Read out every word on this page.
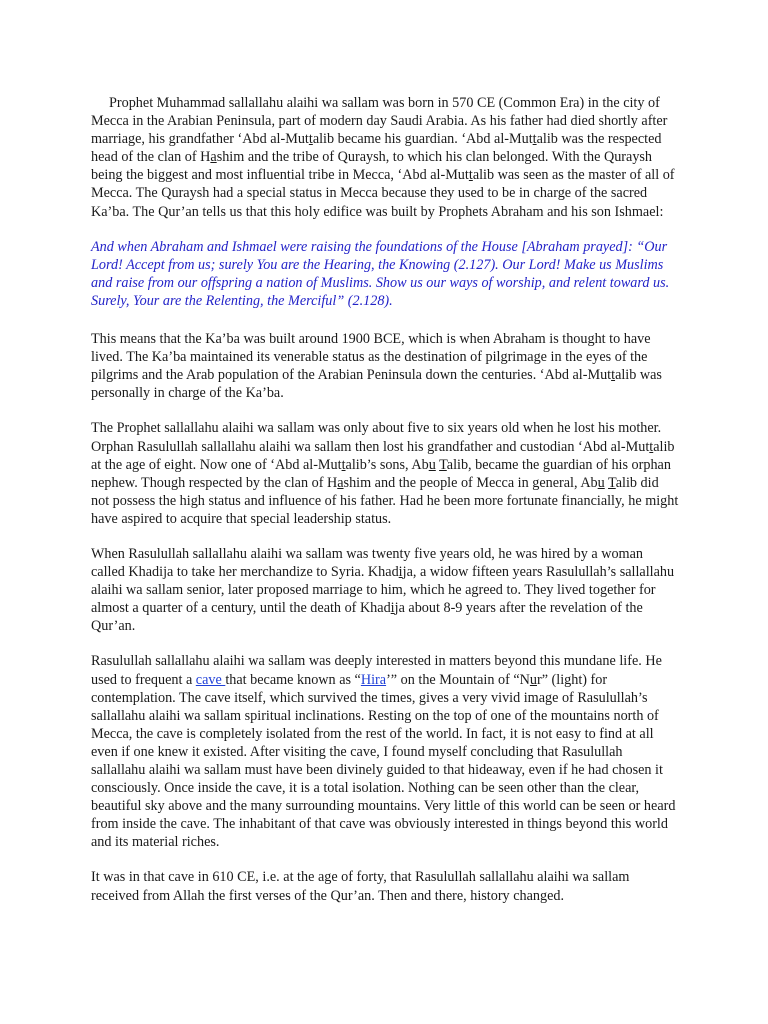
Prophet Muhammad sallallahu alaihi wa sallam was born in 570 CE (Common Era) in the city of Mecca in the Arabian Peninsula, part of modern day Saudi Arabia. As his father had died shortly after marriage, his grandfather ‘Abd al-Muttalib became his guardian. ‘Abd al-Muttalib was the respected head of the clan of Hashim and the tribe of Quraysh, to which his clan belonged. With the Quraysh being the biggest and most influential tribe in Mecca, ‘Abd al-Muttalib was seen as the master of all of Mecca. The Quraysh had a special status in Mecca because they used to be in charge of the sacred Ka’ba. The Qur’an tells us that this holy edifice was built by Prophets Abraham and his son Ishmael:

And when Abraham and Ishmael were raising the foundations of the House [Abraham prayed]: “Our Lord! Accept from us; surely You are the Hearing, the Knowing (2.127). Our Lord! Make us Muslims and raise from our offspring a nation of Muslims. Show us our ways of worship, and relent toward us. Surely, Your are the Relenting, the Merciful” (2.128).

This means that the Ka’ba was built around 1900 BCE, which is when Abraham is thought to have lived. The Ka’ba maintained its venerable status as the destination of pilgrimage in the eyes of the pilgrims and the Arab population of the Arabian Peninsula down the centuries. ‘Abd al-Muttalib was personally in charge of the Ka’ba.

The Prophet sallallahu alaihi wa sallam was only about five to six years old when he lost his mother. Orphan Rasulullah sallallahu alaihi wa sallam then lost his grandfather and custodian ‘Abd al-Muttalib at the age of eight. Now one of ‘Abd al-Muttalib’s sons, Abu Talib, became the guardian of his orphan nephew. Though respected by the clan of Hashim and the people of Mecca in general, Abu Talib did not possess the high status and influence of his father. Had he been more fortunate financially, he might have aspired to acquire that special leadership status.

When Rasulullah sallallahu alaihi wa sallam was twenty five years old, he was hired by a woman called Khadija to take her merchandize to Syria. Khadija, a widow fifteen years Rasulullah’s sallallahu alaihi wa sallam senior, later proposed marriage to him, which he agreed to. They lived together for almost a quarter of a century, until the death of Khadija about 8-9 years after the revelation of the Qur’an.

Rasulullah sallallahu alaihi wa sallam was deeply interested in matters beyond this mundane life. He used to frequent a cave that became known as “Hira’” on the Mountain of “Nur” (light) for contemplation. The cave itself, which survived the times, gives a very vivid image of Rasulullah’s sallallahu alaihi wa sallam spiritual inclinations. Resting on the top of one of the mountains north of Mecca, the cave is completely isolated from the rest of the world. In fact, it is not easy to find at all even if one knew it existed. After visiting the cave, I found myself concluding that Rasulullah sallallahu alaihi wa sallam must have been divinely guided to that hideaway, even if he had chosen it consciously. Once inside the cave, it is a total isolation. Nothing can be seen other than the clear, beautiful sky above and the many surrounding mountains. Very little of this world can be seen or heard from inside the cave. The inhabitant of that cave was obviously interested in things beyond this world and its material riches.

It was in that cave in 610 CE, i.e. at the age of forty, that Rasulullah sallallahu alaihi wa sallam received from Allah the first verses of the Qur’an. Then and there, history changed.
